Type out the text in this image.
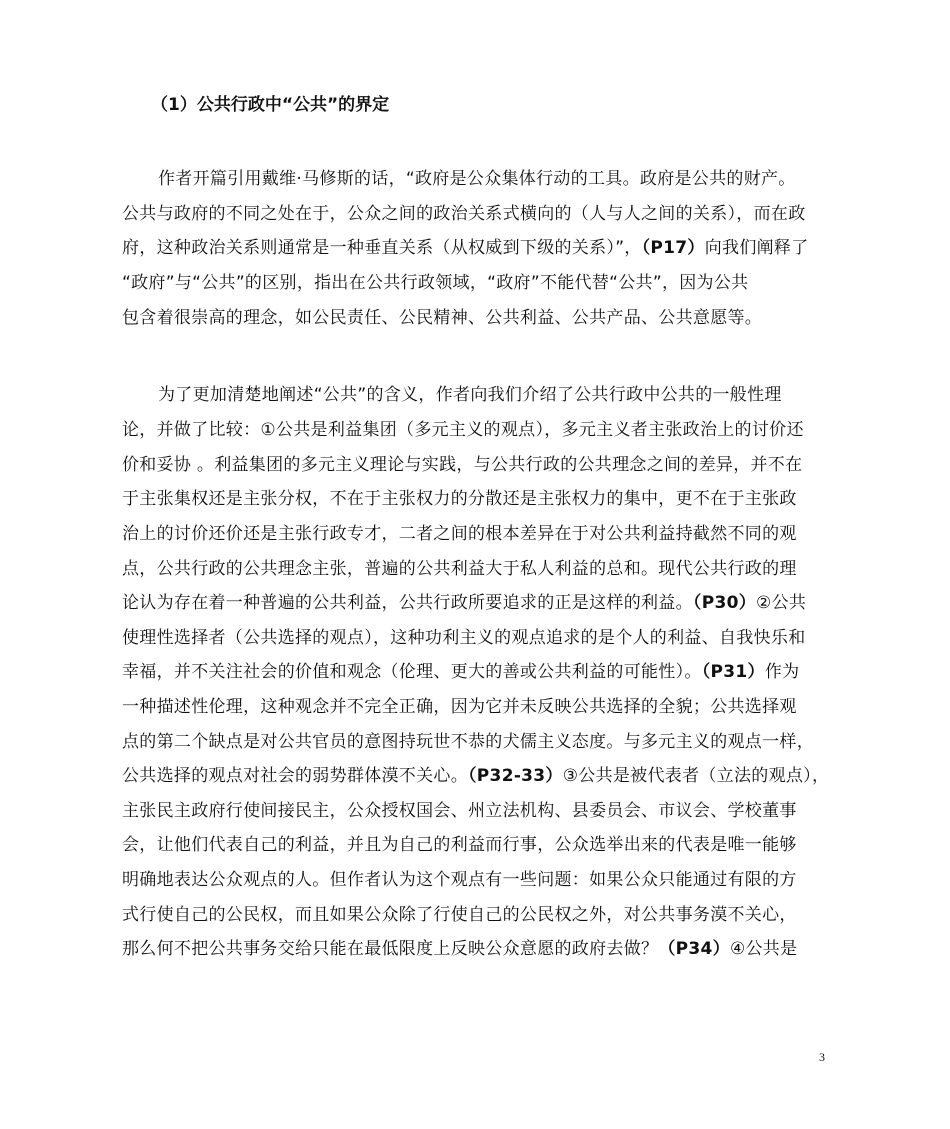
（1）公共行政中“公共”的界定
作者开篇引用戴维·马修斯的话，“政府是公众集体行动的工具。政府是公共的财产。
公共与政府的不同之处在于，公众之间的政治关系式横向的（人与人之间的关系），而在政
府，这种政治关系则通常是一种垂直关系（从权威到下级的关系）”，（P17）向我们阐释了
“政府”与“公共”的区别，指出在公共行政领域，“政府”不能代替“公共”，因为公共
包含着很崇高的理念，如公民责任、公民精神、公共利益、公共产品、公共意愿等。
为了更加清楚地阐述“公共”的含义，作者向我们介绍了公共行政中公共的一般性理
论，并做了比较：①公共是利益集团（多元主义的观点），多元主义者主张政治上的讨价还
价和妥协 。利益集团的多元主义理论与实践，与公共行政的公共理念之间的差异，并不在
于主张集权还是主张分权，不在于主张权力的分散还是主张权力的集中，更不在于主张政
治上的讨价还价还是主张行政专才，二者之间的根本差异在于对公共利益持截然不同的观
点，公共行政的公共理念主张，普遍的公共利益大于私人利益的总和。现代公共行政的理
论认为存在着一种普遍的公共利益，公共行政所要追求的正是这样的利益。（P30）②公共
使理性选择者（公共选择的观点），这种功利主义的观点追求的是个人的利益、自我快乐和
幸福，并不关注社会的价值和观念（伦理、更大的善或公共利益的可能性）。（P31）作为
一种描述性伦理，这种观念并不完全正确，因为它并未反映公共选择的全貌；公共选择观
点的第二个缺点是对公共官员的意图持玩世不恭的犬儒主义态度。与多元主义的观点一样，
公共选择的观点对社会的弱势群体漠不关心。（P32-33）③公共是被代表者（立法的观点），
主张民主政府行使间接民主，公众授权国会、州立法机构、县委员会、市议会、学校董事
会，让他们代表自己的利益，并且为自己的利益而行事，公众选举出来的代表是唯一能够
明确地表达公众观点的人。但作者认为这个观点有一些问题：如果公众只能通过有限的方
式行使自己的公民权，而且如果公众除了行使自己的公民权之外，对公共事务漠不关心，
那么何不把公共事务交给只能在最低限度上反映公众意愿的政府去做？（P34）④公共是
3
